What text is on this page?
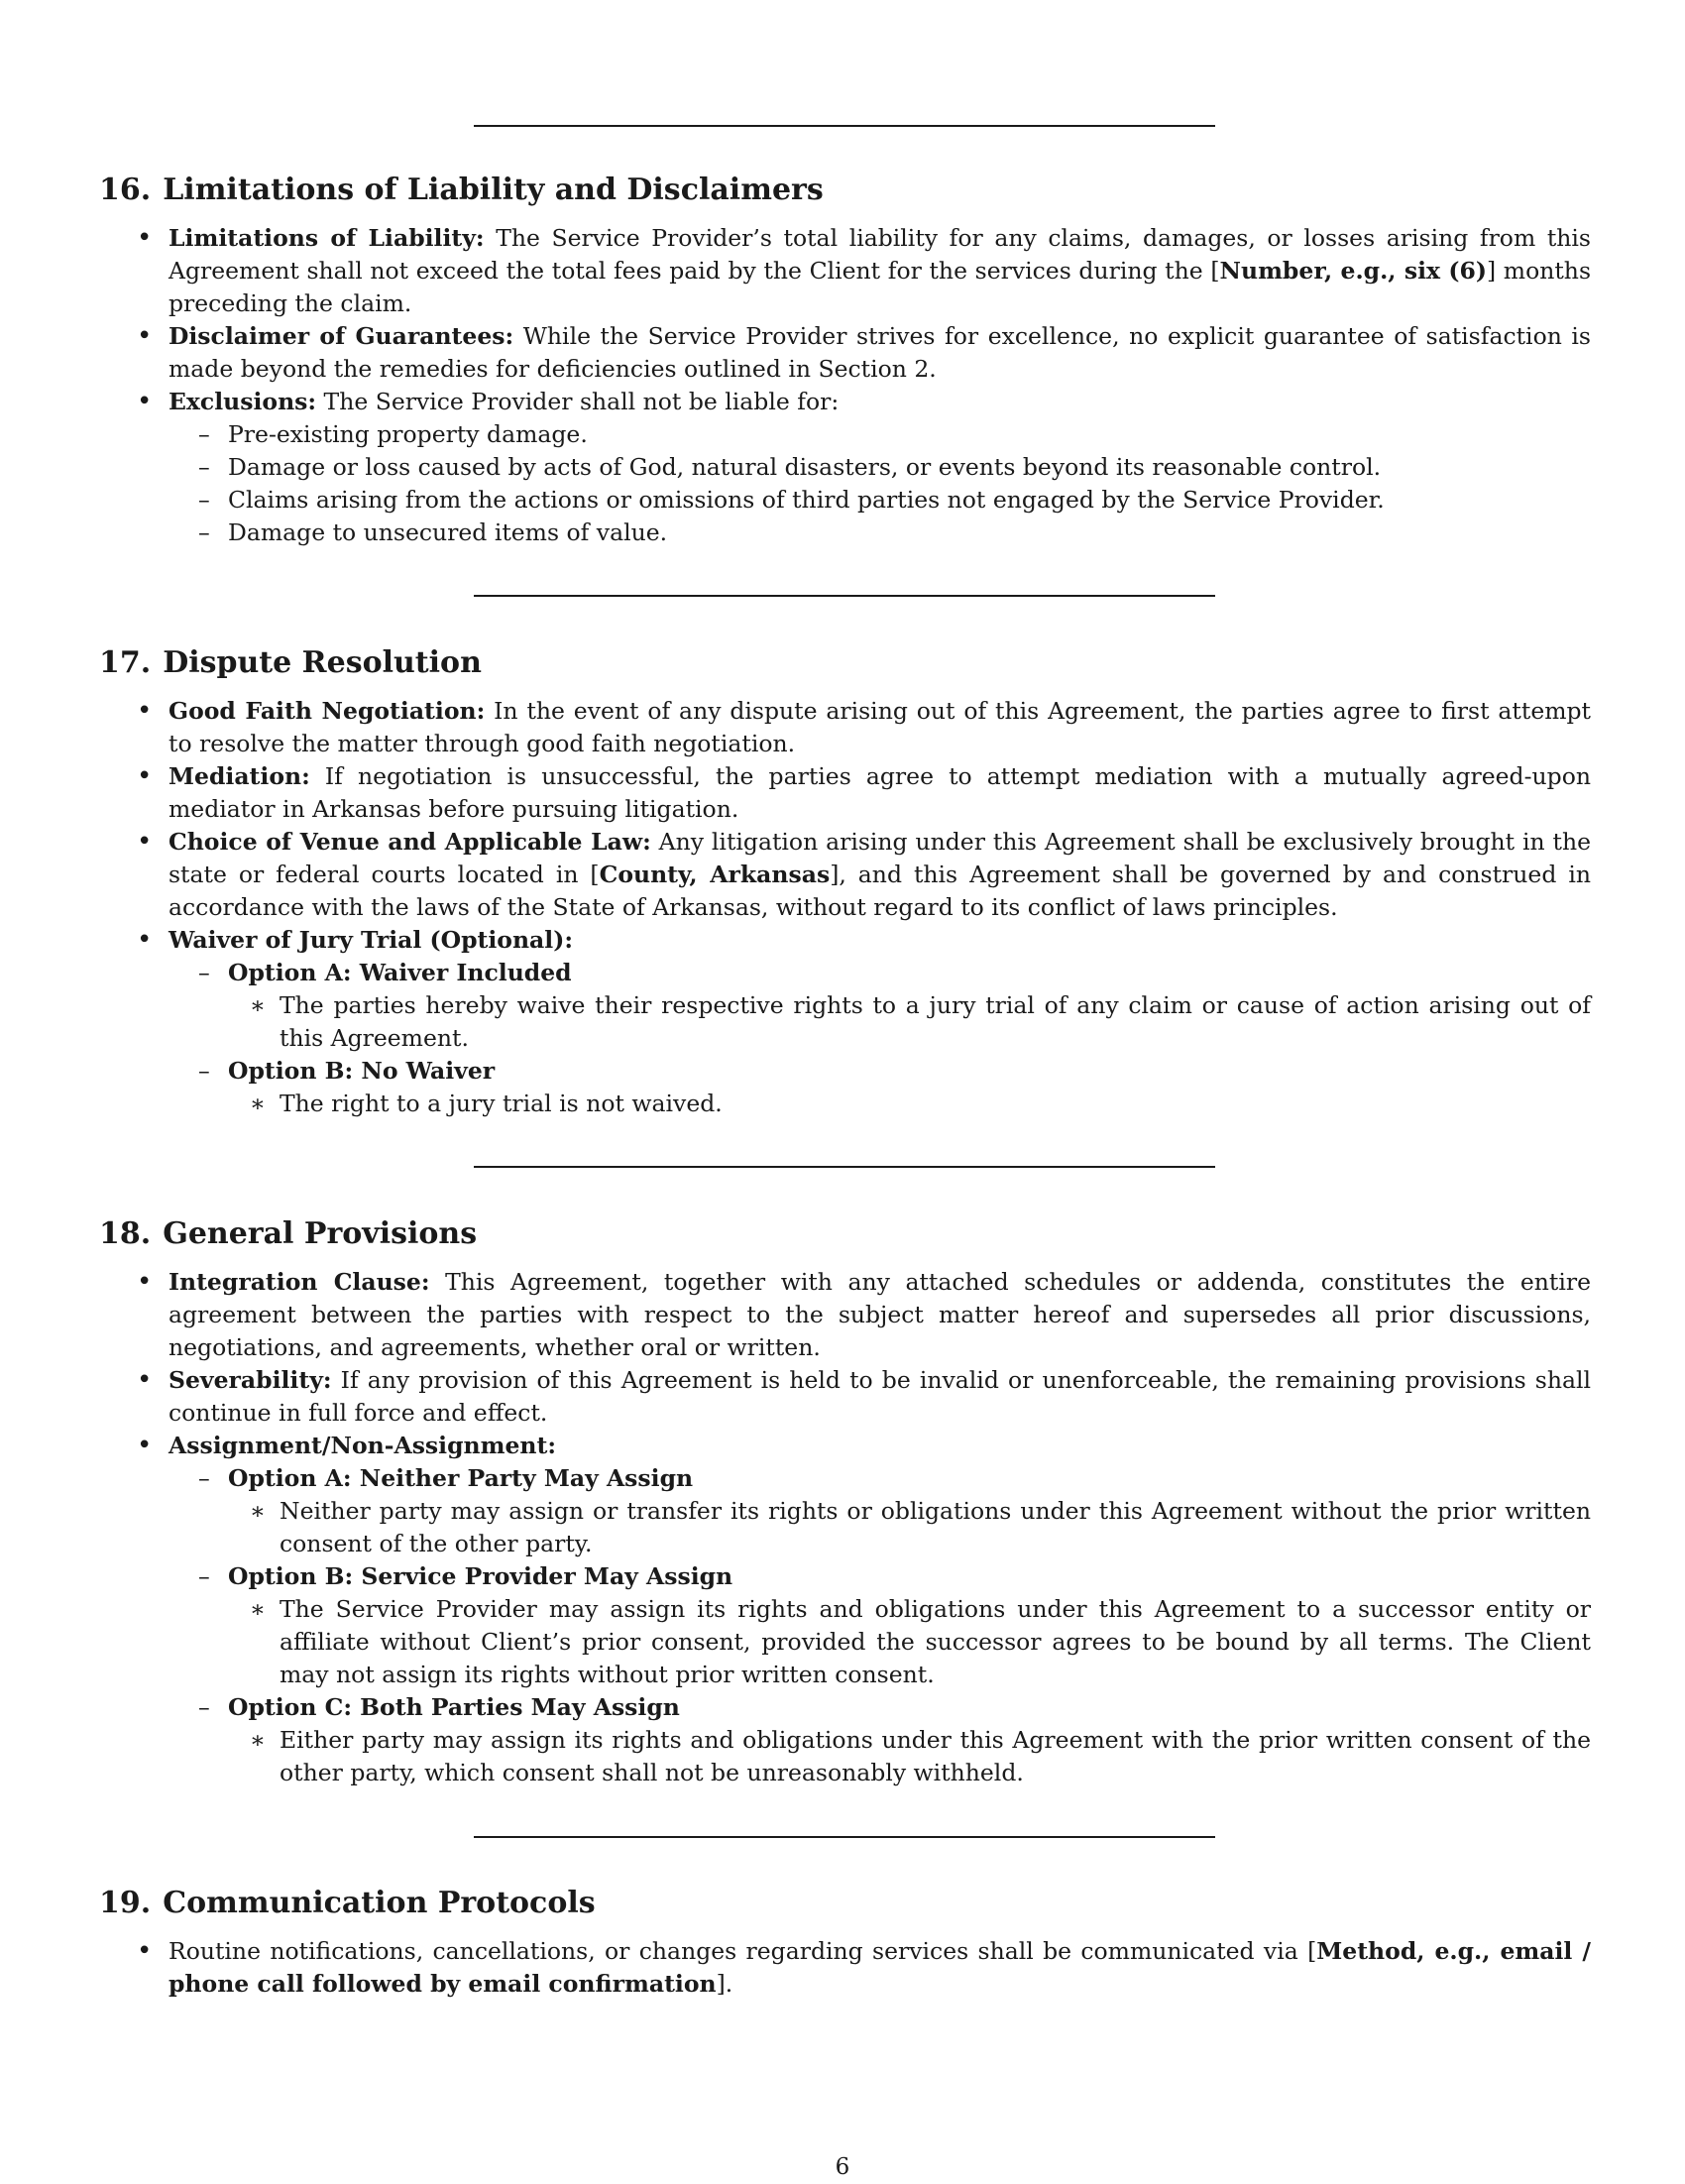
16. Limitations of Liability and Disclaimers
• Limitations of Liability: The Service Provider’s total liability for any claims, damages, or losses arising from this Agreement shall not exceed the total fees paid by the Client for the services during the [Number, e.g., six (6)] months preceding the claim.
• Disclaimer of Guarantees: While the Service Provider strives for excellence, no explicit guarantee of satisfaction is made beyond the remedies for deficiencies outlined in Section 2.
• Exclusions: The Service Provider shall not be liable for:
– Pre-existing property damage.
– Damage or loss caused by acts of God, natural disasters, or events beyond its reasonable control.
– Claims arising from the actions or omissions of third parties not engaged by the Service Provider.
– Damage to unsecured items of value.
17. Dispute Resolution
• Good Faith Negotiation: In the event of any dispute arising out of this Agreement, the parties agree to first attempt to resolve the matter through good faith negotiation.
• Mediation: If negotiation is unsuccessful, the parties agree to attempt mediation with a mutually agreed-upon mediator in Arkansas before pursuing litigation.
• Choice of Venue and Applicable Law: Any litigation arising under this Agreement shall be exclusively brought in the state or federal courts located in [County, Arkansas], and this Agreement shall be governed by and construed in accordance with the laws of the State of Arkansas, without regard to its conflict of laws principles.
• Waiver of Jury Trial (Optional):
– Option A: Waiver Included
∗ The parties hereby waive their respective rights to a jury trial of any claim or cause of action arising out of this Agreement.
– Option B: No Waiver
∗ The right to a jury trial is not waived.
18. General Provisions
• Integration Clause: This Agreement, together with any attached schedules or addenda, constitutes the entire agreement between the parties with respect to the subject matter hereof and supersedes all prior discussions, negotiations, and agreements, whether oral or written.
• Severability: If any provision of this Agreement is held to be invalid or unenforceable, the remaining provisions shall continue in full force and effect.
• Assignment/Non-Assignment:
– Option A: Neither Party May Assign
∗ Neither party may assign or transfer its rights or obligations under this Agreement without the prior written consent of the other party.
– Option B: Service Provider May Assign
∗ The Service Provider may assign its rights and obligations under this Agreement to a successor entity or affiliate without Client’s prior consent, provided the successor agrees to be bound by all terms. The Client may not assign its rights without prior written consent.
– Option C: Both Parties May Assign
∗ Either party may assign its rights and obligations under this Agreement with the prior written consent of the other party, which consent shall not be unreasonably withheld.
19. Communication Protocols
• Routine notifications, cancellations, or changes regarding services shall be communicated via [Method, e.g., email / phone call followed by email confirmation].
6
